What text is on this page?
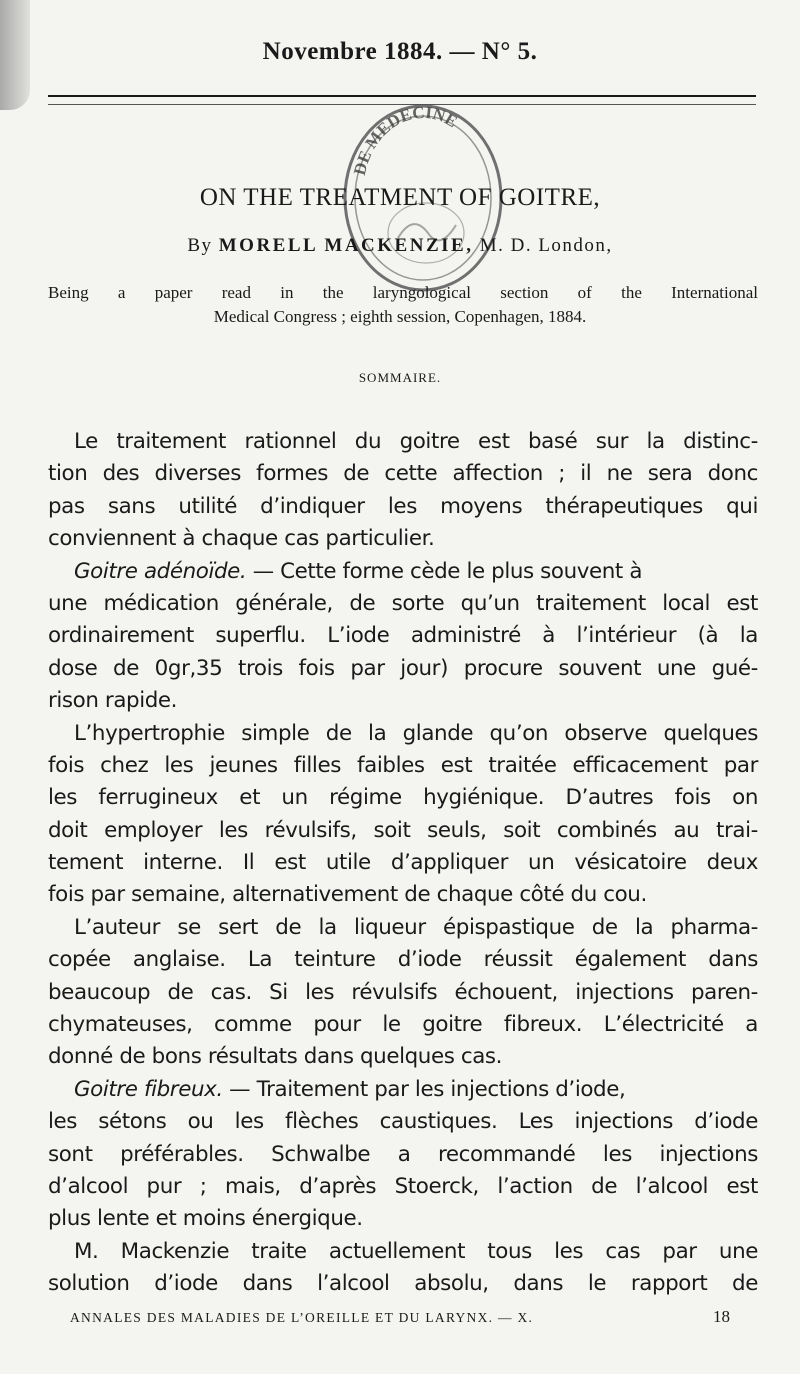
Novembre 1884. — N° 5.
DE MEDECINE
ON THE TREATMENT OF GOITRE,
By MORELL MACKENZIE, M. D. London,
Being a paper read in the laryngological section of the International
Medical Congress ; eighth session, Copenhagen, 1884.
SOMMAIRE.
Le traitement rationnel du goitre est basé sur la distinc-
tion des diverses formes de cette affection ; il ne sera donc
pas sans utilité d’indiquer les moyens thérapeutiques qui
conviennent à chaque cas particulier.
Goitre adénoïde. — Cette forme cède le plus souvent à
une médication générale, de sorte qu’un traitement local est
ordinairement superflu. L’iode administré à l’intérieur (à la
dose de 0gr,35 trois fois par jour) procure souvent une gué-
rison rapide.
L’hypertrophie simple de la glande qu’on observe quelques
fois chez les jeunes filles faibles est traitée efficacement par
les ferrugineux et un régime hygiénique. D’autres fois on
doit employer les révulsifs, soit seuls, soit combinés au trai-
tement interne. Il est utile d’appliquer un vésicatoire deux
fois par semaine, alternativement de chaque côté du cou.
L’auteur se sert de la liqueur épispastique de la pharma-
copée anglaise. La teinture d’iode réussit également dans
beaucoup de cas. Si les révulsifs échouent, injections paren-
chymateuses, comme pour le goitre fibreux. L’électricité a
donné de bons résultats dans quelques cas.
Goitre fibreux. — Traitement par les injections d’iode,
les sétons ou les flèches caustiques. Les injections d’iode
sont préférables. Schwalbe a recommandé les injections
d’alcool pur ; mais, d’après Stoerck, l’action de l’alcool est
plus lente et moins énergique.
M. Mackenzie traite actuellement tous les cas par une
solution d’iode dans l’alcool absolu, dans le rapport de
ANNALES DES MALADIES DE L’OREILLE ET DU LARYNX. — X.	18
